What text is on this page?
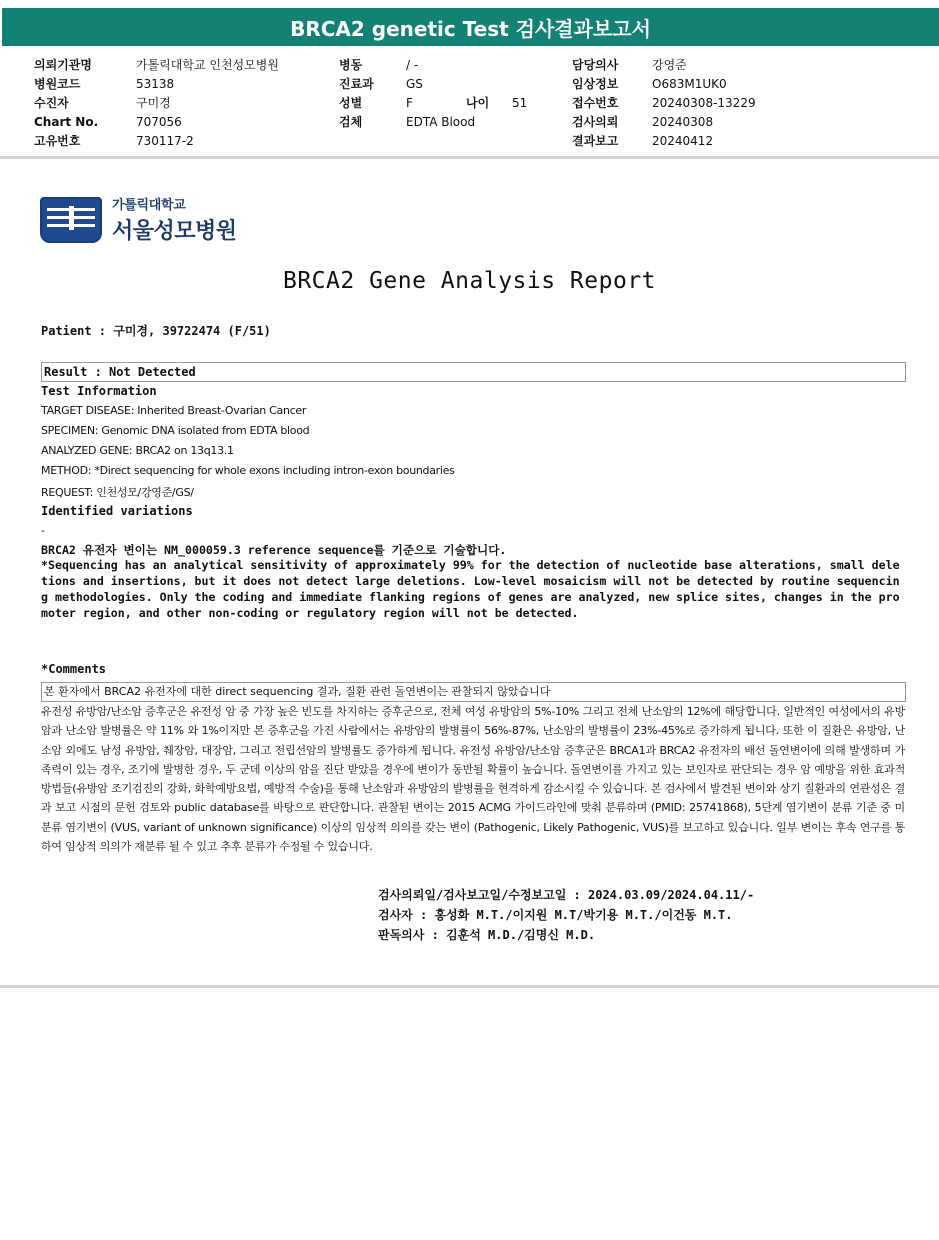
BRCA2 genetic Test 검사결과보고서
의뢰기관명	가톨릭대학교 인천성모병원
병원코드	53138
수진자	구미경
Chart No.	707056
고유번호	730117-2
병동	/ -
진료과	GS
성별	F	나이	51
검체	EDTA Blood
담당의사	강영준
임상정보	O683M1UK0
접수번호	20240308-13229
검사의뢰	20240308
결과보고	20240412
가톨릭대학교
서울성모병원
BRCA2 Gene Analysis Report
Patient : 구미경, 39722474 (F/51)
Result : Not Detected
Test Information
TARGET DISEASE: Inherited Breast-Ovarian Cancer
SPECIMEN: Genomic DNA isolated from EDTA blood
ANALYZED GENE: BRCA2 on 13q13.1
METHOD: *Direct sequencing for whole exons including intron-exon boundaries
REQUEST: 인천성모/강영준/GS/
Identified variations
-
BRCA2 유전자 변이는 NM_000059.3 reference sequence를 기준으로 기술합니다.
*Sequencing has an analytical sensitivity of approximately 99% for the detection of nucleotide base alterations, small deletions and insertions, but it does not detect large deletions. Low-level mosaicism will not be detected by routine sequencing methodologies. Only the coding and immediate flanking regions of genes are analyzed, new splice sites, changes in the promoter region, and other non-coding or regulatory region will not be detected.
*Comments
본 환자에서 BRCA2 유전자에 대한 direct sequencing 결과, 질환 관련 돌연변이는 관찰되지 않았습니다
유전성 유방암/난소암 증후군은 유전성 암 중 가장 높은 빈도를 차지하는 증후군으로, 전체 여성 유방암의 5%-10% 그리고 전체 난소암의 12%에 해당합니다. 일반적인 여성에서의 유방암과 난소암 발병률은 약 11% 와 1%이지만 본 증후군을 가진 사람에서는 유방암의 발병률이 56%-87%, 난소암의 발병률이 23%-45%로 증가하게 됩니다. 또한 이 질환은 유방암, 난소암 외에도 남성 유방암, 췌장암, 대장암, 그리고 전립선암의 발병률도 증가하게 됩니다. 유전성 유방암/난소암 증후군은 BRCA1과 BRCA2 유전자의 배선 돌연변이에 의해 발생하며 가족력이 있는 경우, 조기에 발병한 경우, 두 군데 이상의 암을 진단 받았을 경우에 변이가 동반될 확률이 높습니다. 돌연변이를 가지고 있는 보인자로 판단되는 경우 암 예방을 위한 효과적 방법들(유방암 조기검진의 강화, 화학예방요법, 예방적 수술)을 통해 난소암과 유방암의 발병률을 현격하게 감소시킬 수 있습니다. 본 검사에서 발견된 변이와 상기 질환과의 연관성은 결과 보고 시점의 문헌 검토와 public database를 바탕으로 판단합니다. 관찰된 변이는 2015 ACMG 가이드라인에 맞춰 분류하며 (PMID: 25741868), 5단계 염기변이 분류 기준 중 미분류 염기변이 (VUS, variant of unknown significance) 이상의 임상적 의의를 갖는 변이 (Pathogenic, Likely Pathogenic, VUS)를 보고하고 있습니다. 일부 변이는 후속 연구를 통하여 임상적 의의가 재분류 될 수 있고 추후 분류가 수정될 수 있습니다.
검사의뢰일/검사보고일/수정보고일 : 2024.03.09/2024.04.11/-
검사자 : 홍성화 M.T./이지원 M.T/박기용 M.T./이건동 M.T.
판독의사 : 김훈석 M.D./김명신 M.D.
